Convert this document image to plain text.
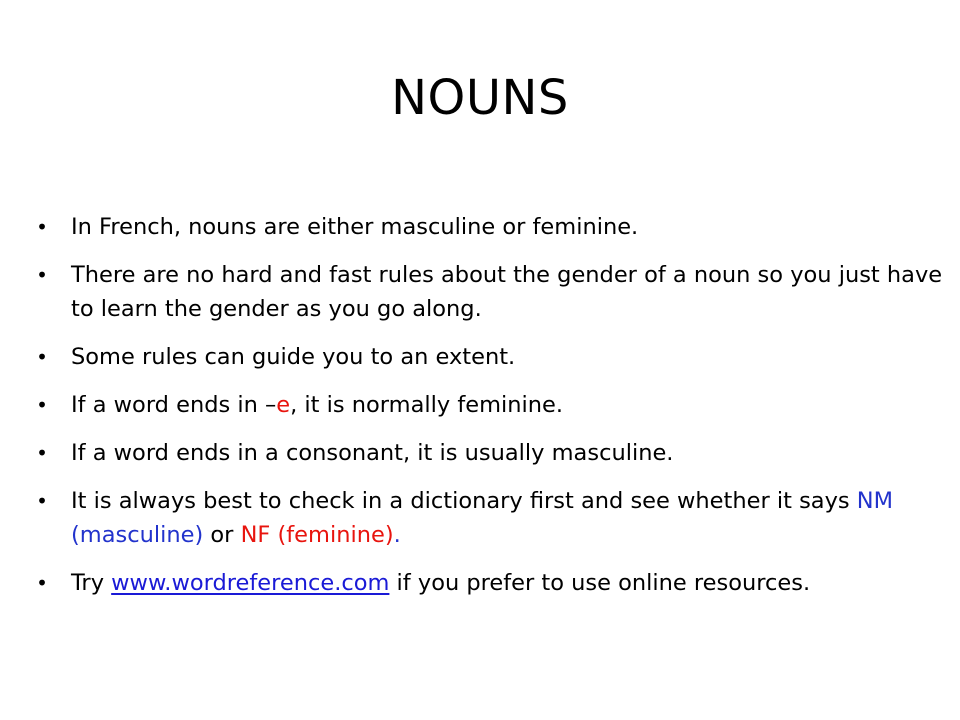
NOUNS
• In French, nouns are either masculine or feminine.
• There are no hard and fast rules about the gender of a noun so you just have to learn the gender as you go along.
• Some rules can guide you to an extent.
• If a word ends in –e, it is normally feminine.
• If a word ends in a consonant, it is usually masculine.
• It is always best to check in a dictionary first and see whether it says NM (masculine) or NF (feminine).
• Try www.wordreference.com if you prefer to use online resources.
